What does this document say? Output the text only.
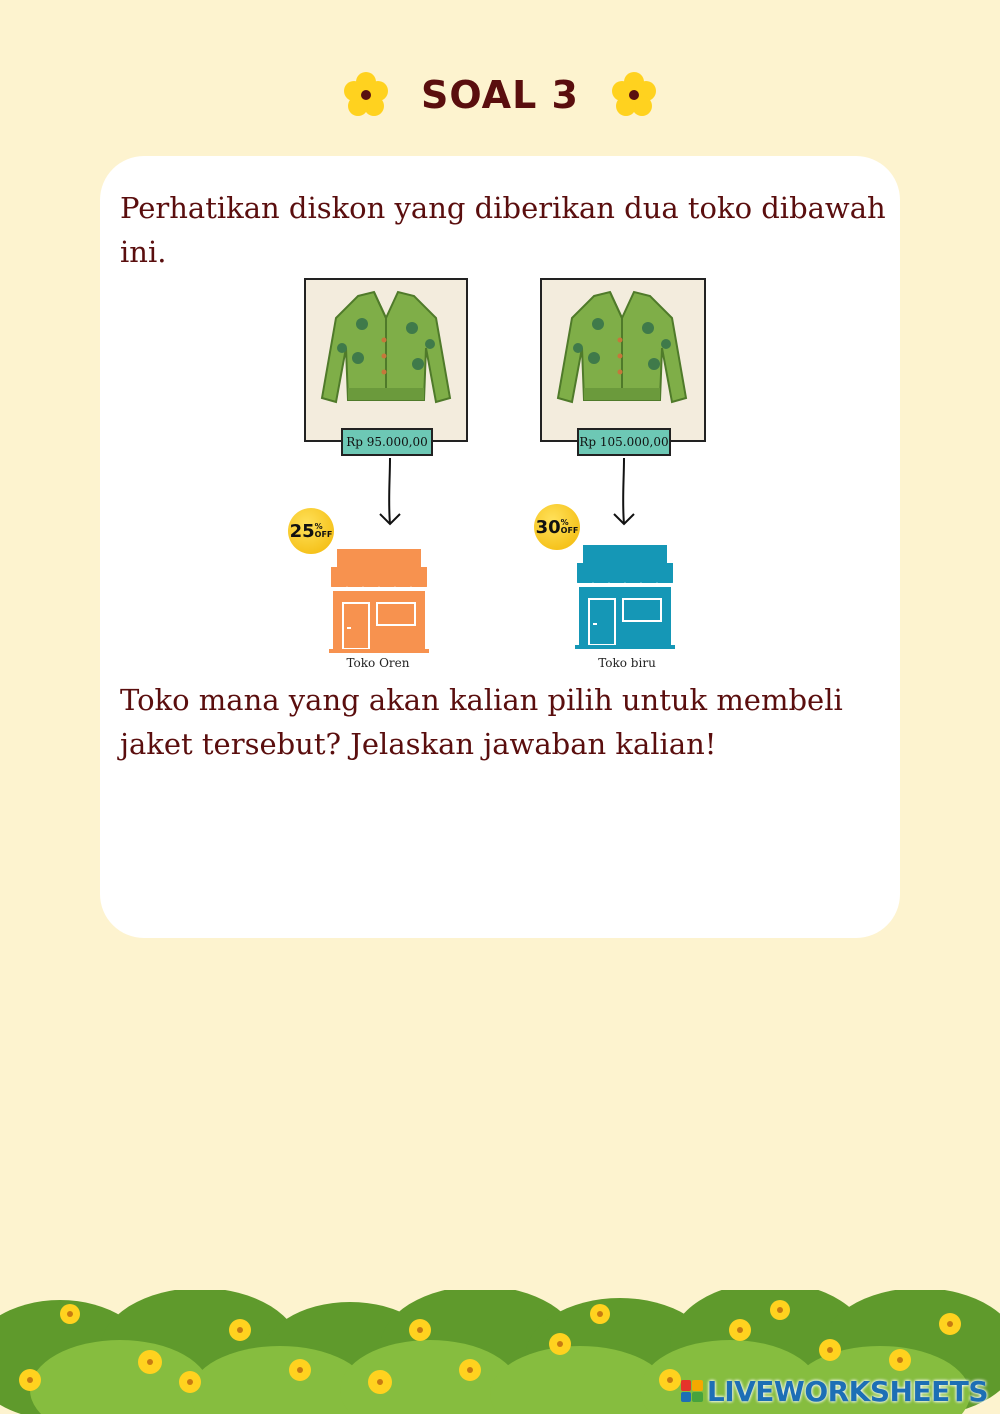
SOAL 3
Perhatikan diskon yang diberikan dua toko dibawah ini.
Rp 95.000,00
25 %
OFF
Toko Oren
Rp 105.000,00
30 %
OFF
Toko biru
Toko mana yang akan kalian pilih untuk membeli jaket tersebut? Jelaskan jawaban kalian!
LIVEWORKSHEETS
